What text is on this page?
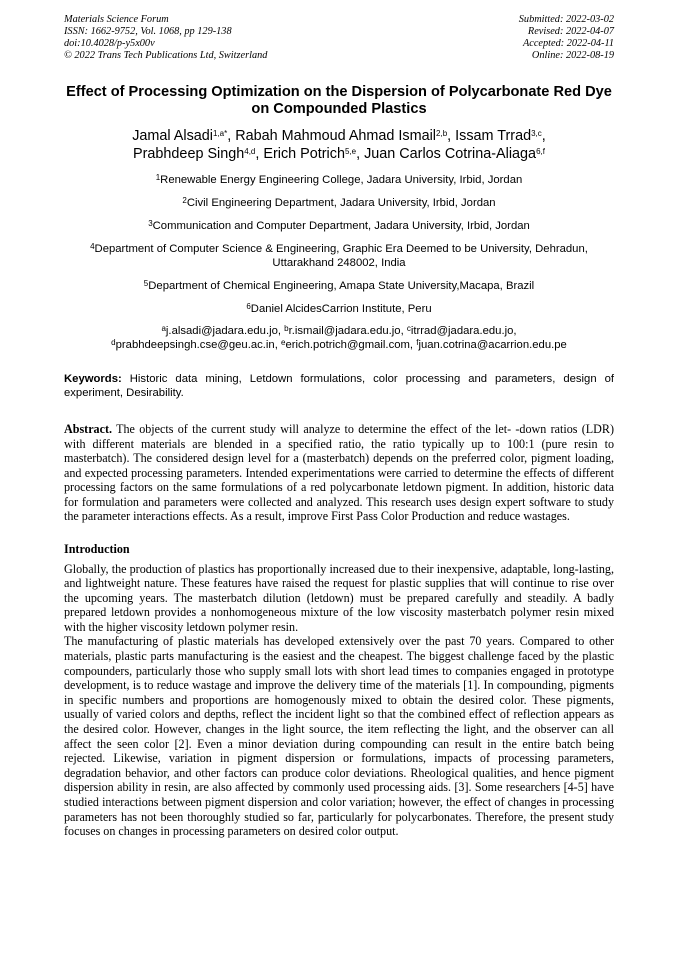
Materials Science Forum
ISSN: 1662-9752, Vol. 1068, pp 129-138
doi:10.4028/p-y5x00v
© 2022 Trans Tech Publications Ltd, Switzerland
Submitted: 2022-03-02
Revised: 2022-04-07
Accepted: 2022-04-11
Online: 2022-08-19
Effect of Processing Optimization on the Dispersion of Polycarbonate Red Dye on Compounded Plastics
Jamal Alsadi$^{1,a*}$, Rabah Mahmoud Ahmad Ismail$^{2,b}$, Issam Trrad$^{3,c}$,
Prabhdeep Singh$^{4,d}$, Erich Potrich$^{5,e}$, Juan Carlos Cotrina-Aliaga$^{6,f}$
$^1$Renewable Energy Engineering College, Jadara University, Irbid, Jordan
$^2$Civil Engineering Department, Jadara University, Irbid, Jordan
$^3$Communication and Computer Department, Jadara University, Irbid, Jordan
$^4$Department of Computer Science & Engineering, Graphic Era Deemed to be University, Dehradun, Uttarakhand 248002, India
$^5$Department of Chemical Engineering, Amapa State University,Macapa, Brazil
$^6$Daniel AlcidesCarrion Institute, Peru
$^a$j.alsadi@jadara.edu.jo, $^b$r.ismail@jadara.edu.jo, $^c$itrrad@jadara.edu.jo,
$^d$prabhdeepsingh.cse@geu.ac.in, $^e$erich.potrich@gmail.com, $^f$juan.cotrina@acarrion.edu.pe
Keywords: Historic data mining, Letdown formulations, color processing and parameters, design of experiment, Desirability.
Abstract. The objects of the current study will analyze to determine the effect of the let- -down ratios (LDR) with different materials are blended in a specified ratio, the ratio typically up to 100:1 (pure resin to masterbatch). The considered design level for a (masterbatch) depends on the preferred color, pigment loading, and expected processing parameters. Intended experimentations were carried to determine the effects of different processing factors on the same formulations of a red polycarbonate letdown pigment. In addition, historic data for formulation and parameters were collected and analyzed. This research uses design expert software to study the parameter interactions effects. As a result, improve First Pass Color Production and reduce wastages.
Introduction
Globally, the production of plastics has proportionally increased due to their inexpensive, adaptable, long-lasting, and lightweight nature. These features have raised the request for plastic supplies that will continue to rise over the upcoming years. The masterbatch dilution (letdown) must be prepared carefully and steadily. A badly prepared letdown provides a nonhomogeneous mixture of the low viscosity masterbatch polymer resin mixed with the higher viscosity letdown polymer resin.
The manufacturing of plastic materials has developed extensively over the past 70 years. Compared to other materials, plastic parts manufacturing is the easiest and the cheapest. The biggest challenge faced by the plastic compounders, particularly those who supply small lots with short lead times to companies engaged in prototype development, is to reduce wastage and improve the delivery time of the materials [1]. In compounding, pigments in specific numbers and proportions are homogenously mixed to obtain the desired color. These pigments, usually of varied colors and depths, reflect the incident light so that the combined effect of reflection appears as the desired color. However, changes in the light source, the item reflecting the light, and the observer can all affect the seen color [2]. Even a minor deviation during compounding can result in the entire batch being rejected. Likewise, variation in pigment dispersion or formulations, impacts of processing parameters, degradation behavior, and other factors can produce color deviations. Rheological qualities, and hence pigment dispersion ability in resin, are also affected by commonly used processing aids. [3]. Some researchers [4-5] have studied interactions between pigment dispersion and color variation; however, the effect of changes in processing parameters has not been thoroughly studied so far, particularly for polycarbonates. Therefore, the present study focuses on changes in processing parameters on desired color output.
